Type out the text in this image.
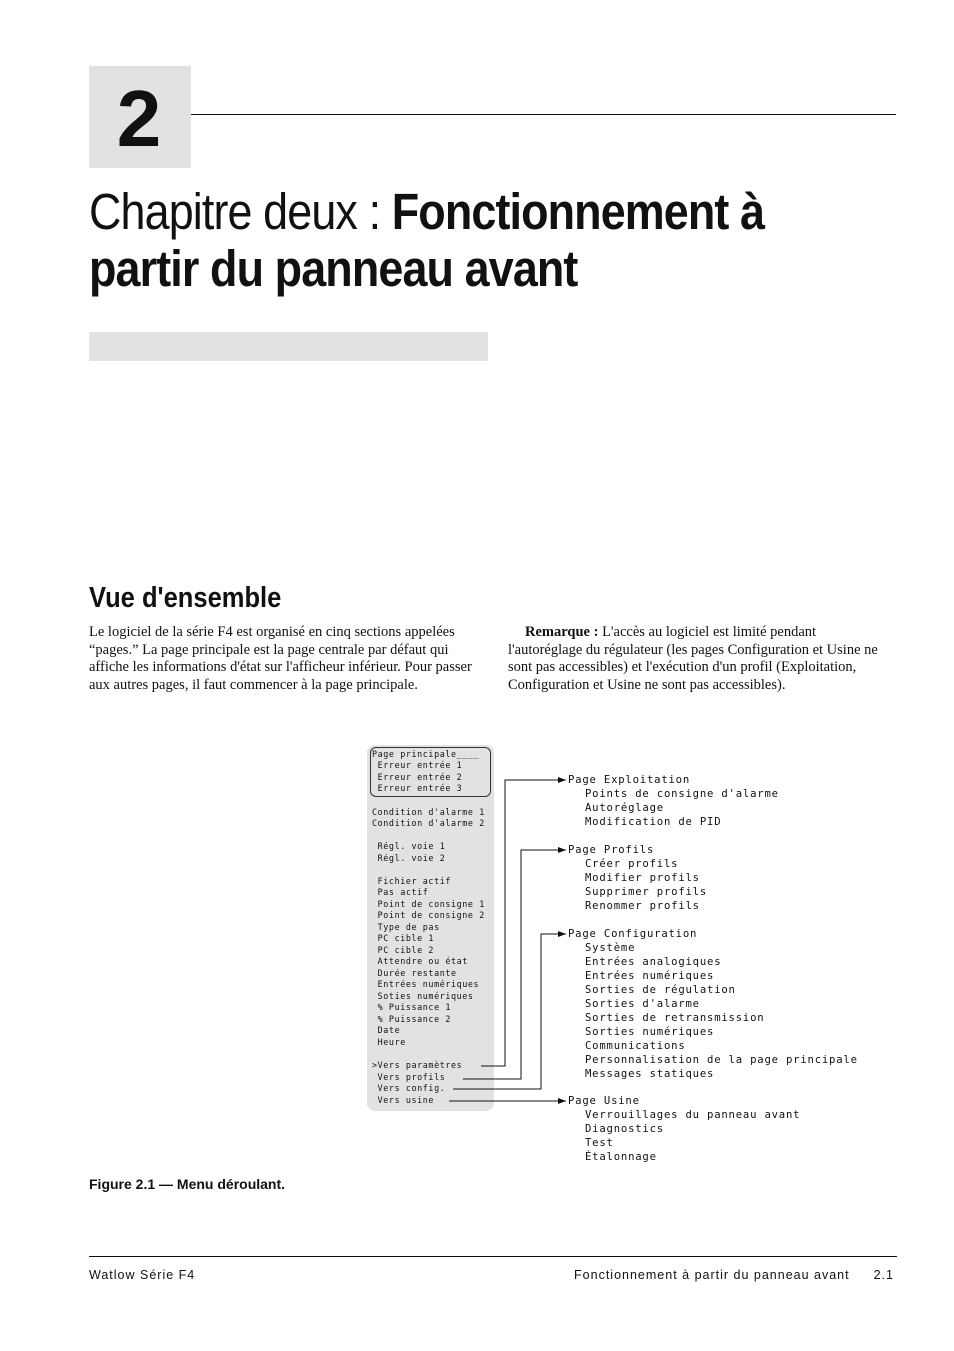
2
Chapitre deux : Fonctionnement à partir du panneau avant
Vue d'ensemble

Le logiciel de la série F4 est organisé en cinq sections appelées “pages.” La page principale est la page centrale par défaut qui affiche les informations d'état sur l'afficheur inférieur. Pour passer aux autres pages, il faut commencer à la page principale.

Remarque : L'accès au logiciel est limité pendant l'autoréglage du régulateur (les pages Configuration et Usine ne sont pas accessibles) et l'exécution d'un profil (Exploitation, Configuration et Usine ne sont pas accessibles).

Page principale____
Erreur entrée 1
Erreur entrée 2
Erreur entrée 3
Condition d'alarme 1
Condition d'alarme 2
Régl. voie 1
Régl. voie 2
Fichier actif
Pas actif
Point de consigne 1
Point de consigne 2
Type de pas
PC cible 1
PC cible 2
Attendre ou état
Durée restante
Entrées numériques
Soties numériques
% Puissance 1
% Puissance 2
Date
Heure
>Vers paramètres
Vers profils
Vers config.
Vers usine
Page Exploitation
Points de consigne d'alarme
Autoréglage
Modification de PID
Page Profils
Créer profils
Modifier profils
Supprimer profils
Renommer profils
Page Configuration
Système
Entrées analogiques
Entrées numériques
Sorties de régulation
Sorties d'alarme
Sorties de retransmission
Sorties numériques
Communications
Personnalisation de la page principale
Messages statiques
Page Usine
Verrouillages du panneau avant
Diagnostics
Test
Étalonnage
Figure 2.1 — Menu déroulant.
Watlow Série F4	Fonctionnement à partir du panneau avant 2.1
